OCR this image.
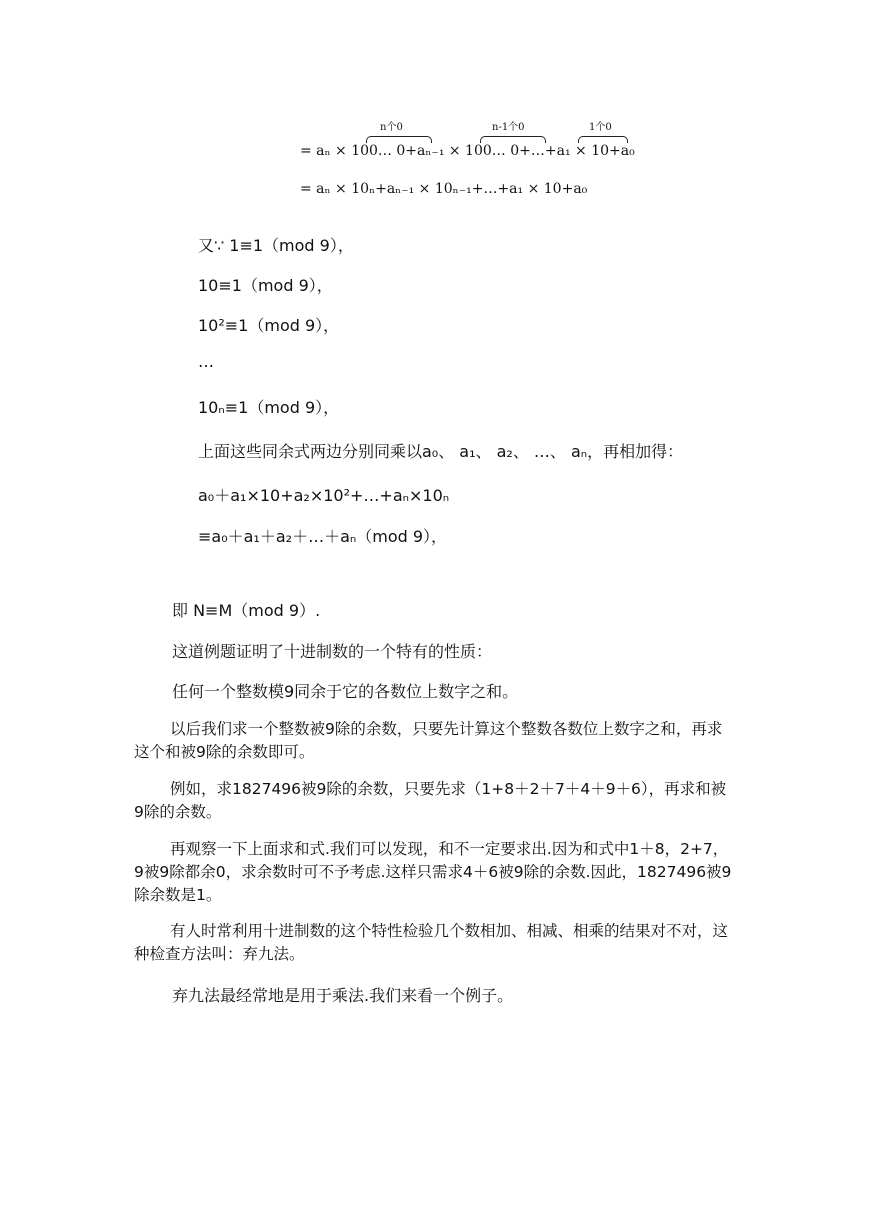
= aₙ × 100… 0+aₙ₋₁ × 100… 0+…+a₁ × 10+a₀
n个0	n-1个0	1个0
= aₙ × 10ₙ+aₙ₋₁ × 10ₙ₋₁+…+a₁ × 10+a₀
又∵ 1≡1（mod 9），
10≡1（mod 9），
10²≡1（mod 9），
…
10ₙ≡1（mod 9），
上面这些同余式两边分别同乘以a₀、 a₁、 a₂、 …、 aₙ，再相加得：
a₀＋a₁×10+a₂×10²+…+aₙ×10ₙ
≡a₀＋a₁＋a₂＋…＋aₙ（mod 9），
即 N≡M（mod 9）.
这道例题证明了十进制数的一个特有的性质：
任何一个整数模9同余于它的各数位上数字之和。
以后我们求一个整数被9除的余数，只要先计算这个整数各数位上数字之和，再求这个和被9除的余数即可。
例如，求1827496被9除的余数，只要先求（1+8＋2＋7＋4＋9＋6），再求和被9除的余数。
再观察一下上面求和式.我们可以发现，和不一定要求出.因为和式中1＋8，2+7，9被9除都余0，求余数时可不予考虑.这样只需求4＋6被9除的余数.因此，1827496被9除余数是1。
有人时常利用十进制数的这个特性检验几个数相加、相减、相乘的结果对不对，这种检查方法叫：弃九法。
弃九法最经常地是用于乘法.我们来看一个例子。
